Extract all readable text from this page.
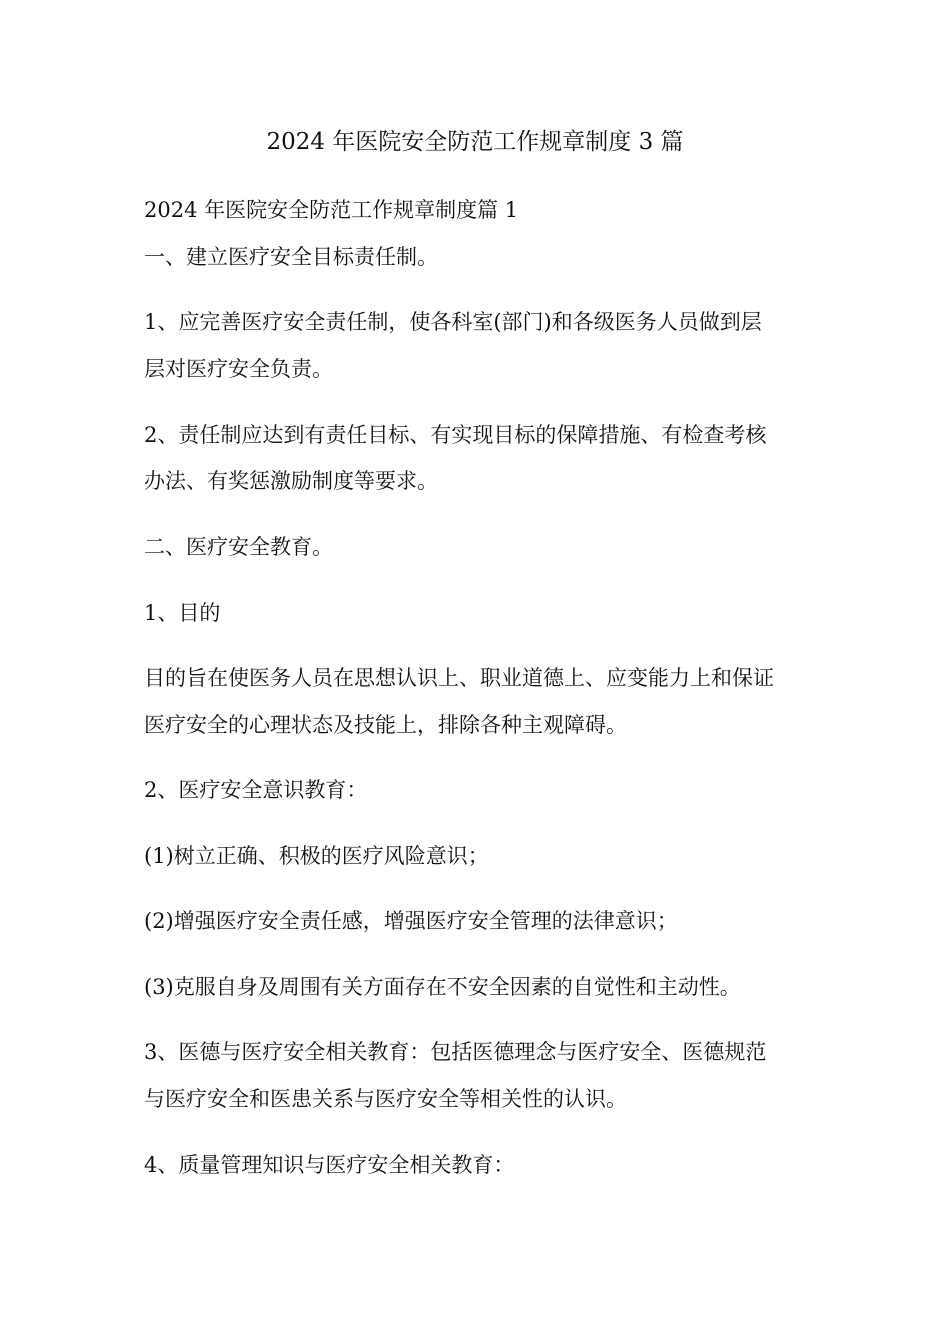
2024 年医院安全防范工作规章制度 3 篇
2024 年医院安全防范工作规章制度篇 1
一、建立医疗安全目标责任制。
1、应完善医疗安全责任制，使各科室(部门)和各级医务人员做到层
层对医疗安全负责。
2、责任制应达到有责任目标、有实现目标的保障措施、有检查考核
办法、有奖惩激励制度等要求。
二、医疗安全教育。
1、目的
目的旨在使医务人员在思想认识上、职业道德上、应变能力上和保证
医疗安全的心理状态及技能上，排除各种主观障碍。
2、医疗安全意识教育：
(1)树立正确、积极的医疗风险意识；
(2)增强医疗安全责任感，增强医疗安全管理的法律意识；
(3)克服自身及周围有关方面存在不安全因素的自觉性和主动性。
3、医德与医疗安全相关教育：包括医德理念与医疗安全、医德规范
与医疗安全和医患关系与医疗安全等相关性的认识。
4、质量管理知识与医疗安全相关教育：
